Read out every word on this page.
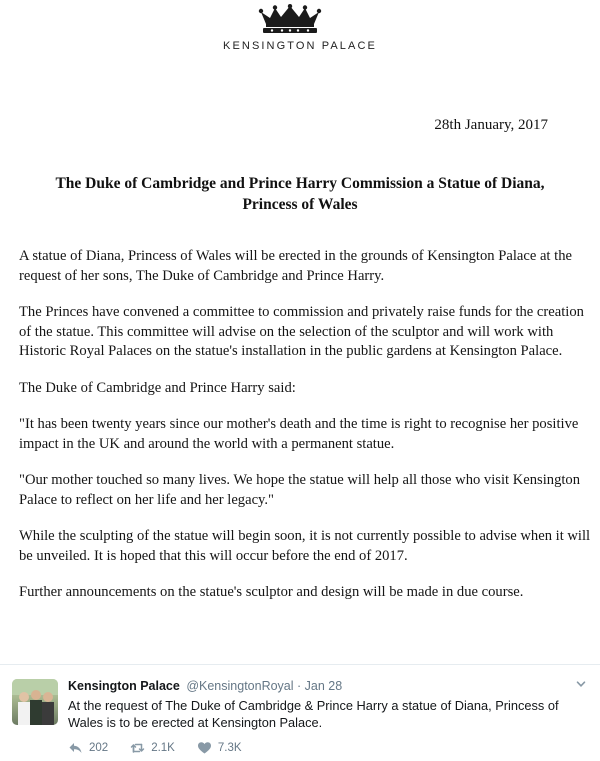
KENSINGTON PALACE
28th January, 2017
The Duke of Cambridge and Prince Harry Commission a Statue of Diana,
Princess of Wales

A statue of Diana, Princess of Wales will be erected in the grounds of Kensington Palace at the request of her sons, The Duke of Cambridge and Prince Harry.

The Princes have convened a committee to commission and privately raise funds for the creation of the statue. This committee will advise on the selection of the sculptor and will work with Historic Royal Palaces on the statue's installation in the public gardens at Kensington Palace.

The Duke of Cambridge and Prince Harry said:

"It has been twenty years since our mother's death and the time is right to recognise her positive impact in the UK and around the world with a permanent statue.

"Our mother touched so many lives. We hope the statue will help all those who visit Kensington Palace to reflect on her life and her legacy."

While the sculpting of the statue will begin soon, it is not currently possible to advise when it will be unveiled. It is hoped that this will occur before the end of 2017.

Further announcements on the statue's sculptor and design will be made in due course.

Kensington Palace @KensingtonRoyal · Jan 28
At the request of The Duke of Cambridge & Prince Harry a statue of Diana, Princess of Wales is to be erected at Kensington Palace.
202	2.1K	7.3K
